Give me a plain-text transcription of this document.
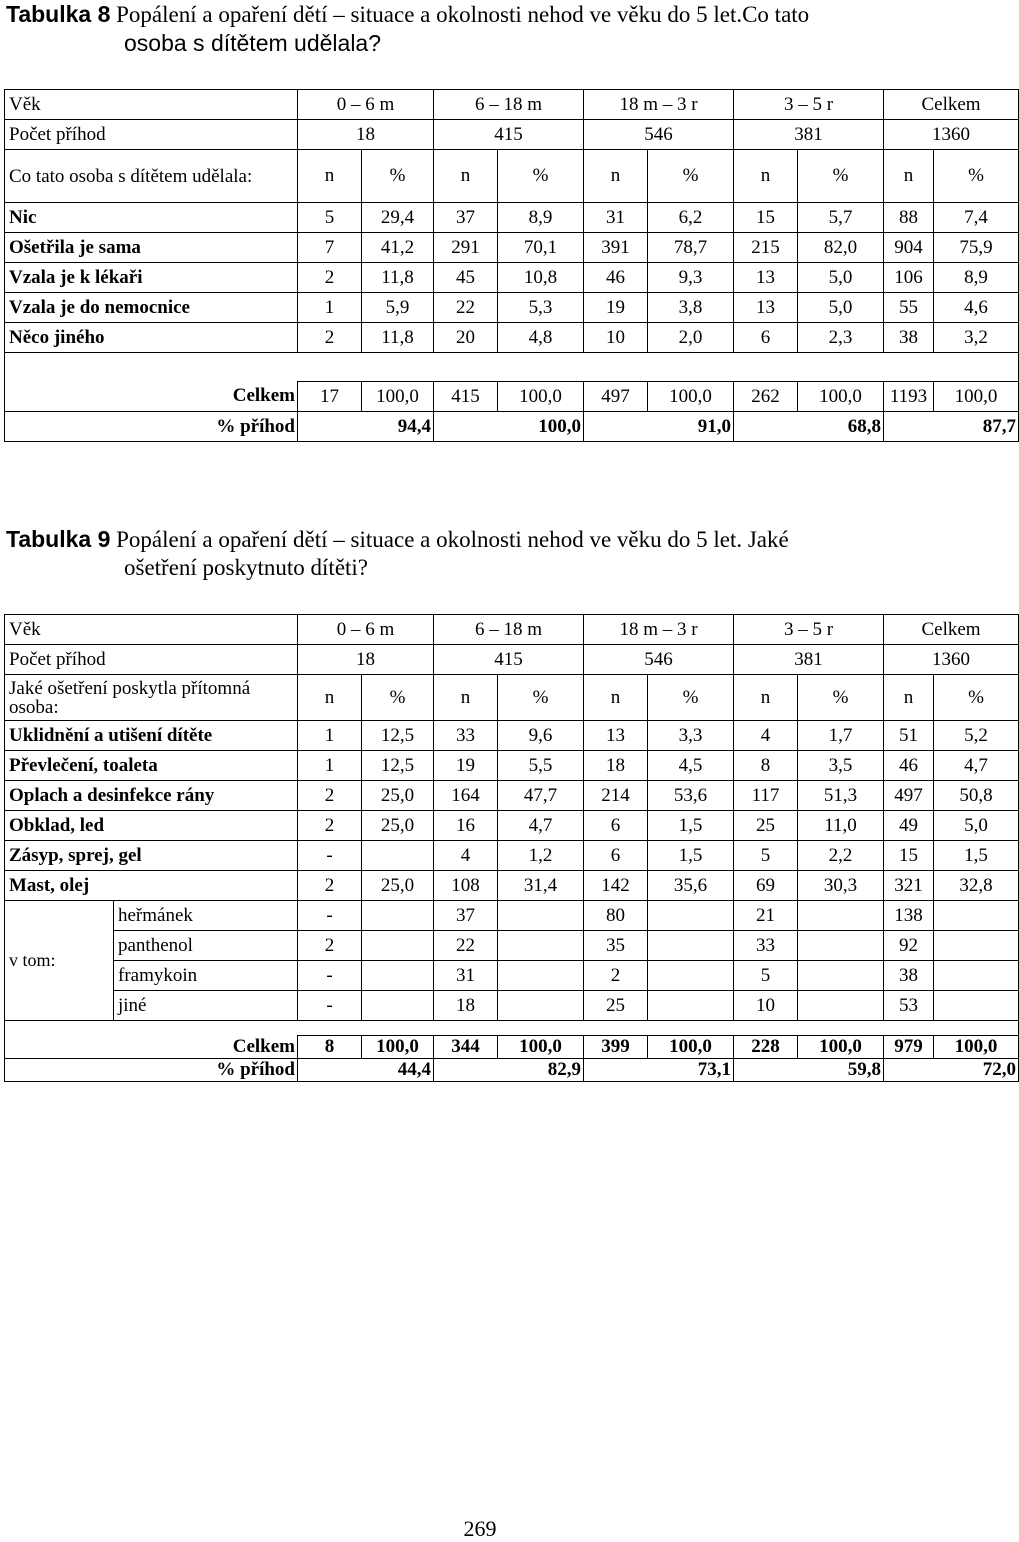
Tabulka 8 Popálení a opaření dětí – situace a okolnosti nehod ve věku do 5 let.Co tato
osoba s dítětem udělala?
Věk	0 – 6 m		6 – 18 m		18 m – 3 r		3 – 5 r		Celkem	
Počet příhod	18		415		546		381		1360	
Co tato osoba s dítětem udělala:	n	%	n	%	n	%	n	%	n	%
Nic	5	29,4	37	8,9	31	6,2	15	5,7	88	7,4
Ošetřila je sama	7	41,2	291	70,1	391	78,7	215	82,0	904	75,9
Vzala je k lékaři	2	11,8	45	10,8	46	9,3	13	5,0	106	8,9
Vzala je do nemocnice	1	5,9	22	5,3	19	3,8	13	5,0	55	4,6
Něco jiného	2	11,8	20	4,8	10	2,0	6	2,3	38	3,2

Celkem	17	100,0	415	100,0	497	100,0	262	100,0	1193	100,0
% příhod	94,4		100,0		91,0		68,8		87,7	
Tabulka 9 Popálení a opaření dětí – situace a okolnosti nehod ve věku do 5 let. Jaké
ošetření poskytnuto dítěti?
Věk		0 – 6 m		6 – 18 m		18 m – 3 r		3 – 5 r		Celkem	
Počet příhod		18		415		546		381		1360	
Jaké ošetření poskytla přítomná osoba:		n	%	n	%	n	%	n	%	n	%
Uklidnění a utišení dítěte		1	12,5	33	9,6	13	3,3	4	1,7	51	5,2
Převlečení, toaleta		1	12,5	19	5,5	18	4,5	8	3,5	46	4,7
Oplach a desinfekce rány		2	25,0	164	47,7	214	53,6	117	51,3	497	50,8
Obklad, led		2	25,0	16	4,7	6	1,5	25	11,0	49	5,0
Zásyp, sprej, gel		-		4	1,2	6	1,5	5	2,2	15	1,5
Mast, olej		2	25,0	108	31,4	142	35,6	69	30,3	321	32,8
v tom:	heřmánek	-		37		80		21		138	
	panthenol	2		22		35		33		92	
	framykoin	-		31		2		5		38	
	jiné	-		18		25		10		53	

Celkem		8	100,0	344	100,0	399	100,0	228	100,0	979	100,0
% příhod		44,4		82,9		73,1		59,8		72,0	
269
